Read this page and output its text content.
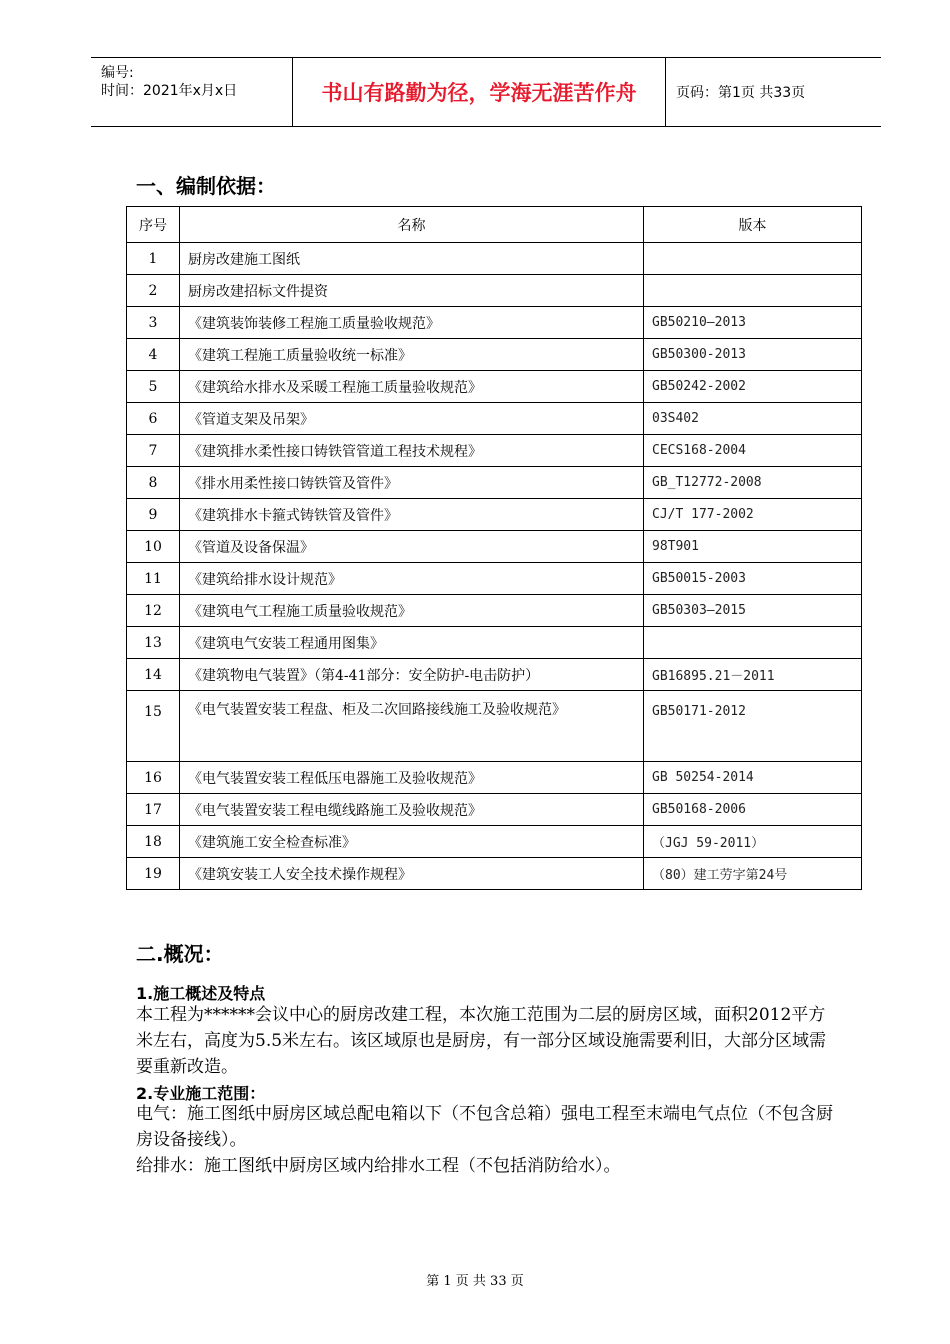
编号:
时间：2021年x月x日	书山有路勤为径，学海无涯苦作舟	页码：第1页 共33页
一、编制依据：
序号	名称	版本
1	厨房改建施工图纸	
2	厨房改建招标文件提资	
3	《建筑装饰装修工程施工质量验收规范》	GB50210—2013
4	《建筑工程施工质量验收统一标准》	GB50300-2013
5	《建筑给水排水及采暖工程施工质量验收规范》	GB50242-2002
6	《管道支架及吊架》	03S402
7	《建筑排水柔性接口铸铁管管道工程技术规程》	CECS168-2004
8	《排水用柔性接口铸铁管及管件》	GB_T12772-2008
9	《建筑排水卡箍式铸铁管及管件》	CJ/T 177-2002
10	《管道及设备保温》	98T901
11	《建筑给排水设计规范》	GB50015-2003
12	《建筑电气工程施工质量验收规范》	GB50303—2015
13	《建筑电气安装工程通用图集》	
14	《建筑物电气装置》（第4-41部分：安全防护-电击防护）	GB16895.21－2011
15	《电气装置安装工程盘、柜及二次回路接线施工及验收规范》	GB50171-2012
16	《电气装置安装工程低压电器施工及验收规范》	GB 50254-2014
17	《电气装置安装工程电缆线路施工及验收规范》	GB50168-2006
18	《建筑施工安全检查标准》	（JGJ 59-2011）
19	《建筑安装工人安全技术操作规程》	（80）建工劳字第24号
二.概况：
1.施工概述及特点
本工程为******会议中心的厨房改建工程，本次施工范围为二层的厨房区域，面积2012平方米左右，高度为5.5米左右。该区域原也是厨房，有一部分区域设施需要利旧，大部分区域需要重新改造。
2.专业施工范围：
电气：施工图纸中厨房区域总配电箱以下（不包含总箱）强电工程至末端电气点位（不包含厨房设备接线）。
给排水：施工图纸中厨房区域内给排水工程（不包括消防给水）。
第 1 页 共 33 页
